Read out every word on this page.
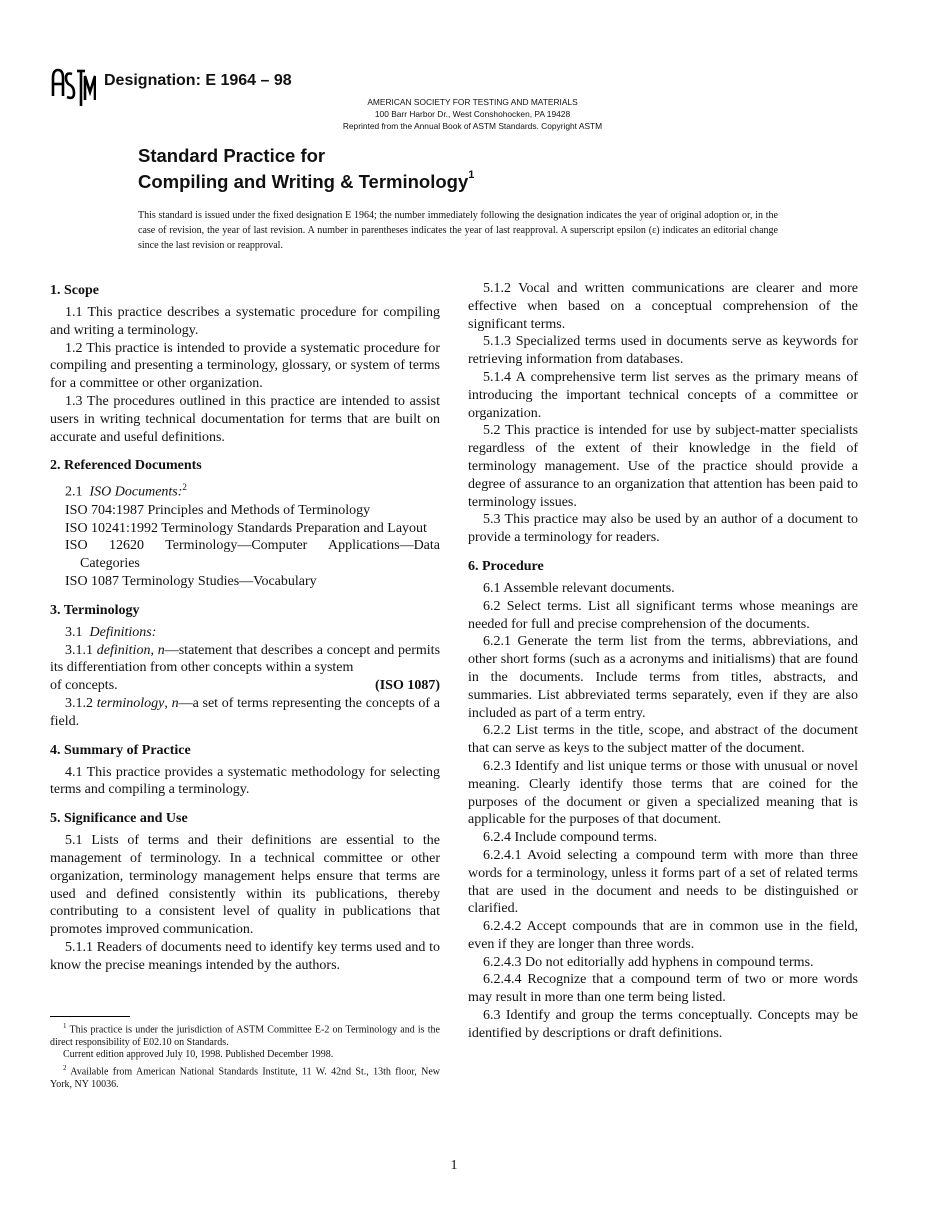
Designation: E 1964 – 98
AMERICAN SOCIETY FOR TESTING AND MATERIALS
100 Barr Harbor Dr., West Conshohocken, PA 19428
Reprinted from the Annual Book of ASTM Standards. Copyright ASTM
Standard Practice for
Compiling and Writing & Terminology$^1$
This standard is issued under the fixed designation E 1964; the number immediately following the designation indicates the year of original adoption or, in the case of revision, the year of last revision. A number in parentheses indicates the year of last reapproval. A superscript epsilon (ε) indicates an editorial change since the last revision or reapproval.
1. Scope

1.1 This practice describes a systematic procedure for compiling and writing a terminology.

1.2 This practice is intended to provide a systematic procedure for compiling and presenting a terminology, glossary, or system of terms for a committee or other organization.

1.3 The procedures outlined in this practice are intended to assist users in writing technical documentation for terms that are built on accurate and useful definitions.

2. Referenced Documents

2.1 ISO Documents:$^2$

ISO 704:1987 Principles and Methods of Terminology

ISO 10241:1992 Terminology Standards Preparation and Layout

ISO 12620 Terminology—Computer Applications—Data Categories

ISO 1087 Terminology Studies—Vocabulary

3. Terminology

3.1 Definitions:

3.1.1 definition, n—statement that describes a concept and permits its differentiation from other concepts within a system

of concepts.	(ISO 1087)

3.1.2 terminology, n—a set of terms representing the concepts of a field.

4. Summary of Practice

4.1 This practice provides a systematic methodology for selecting terms and compiling a terminology.

5. Significance and Use

5.1 Lists of terms and their definitions are essential to the management of terminology. In a technical committee or other organization, terminology management helps ensure that terms are used and defined consistently within its publications, thereby contributing to a consistent level of quality in publications that promotes improved communication.

5.1.1 Readers of documents need to identify key terms used and to know the precise meanings intended by the authors.

$^1$ This practice is under the jurisdiction of ASTM Committee E-2 on Terminology and is the direct responsibility of E02.10 on Standards.

Current edition approved July 10, 1998. Published December 1998.

$^2$ Available from American National Standards Institute, 11 W. 42nd St., 13th floor, New York, NY 10036.

5.1.2 Vocal and written communications are clearer and more effective when based on a conceptual comprehension of the significant terms.

5.1.3 Specialized terms used in documents serve as keywords for retrieving information from databases.

5.1.4 A comprehensive term list serves as the primary means of introducing the important technical concepts of a committee or organization.

5.2 This practice is intended for use by subject-matter specialists regardless of the extent of their knowledge in the field of terminology management. Use of the practice should provide a degree of assurance to an organization that attention has been paid to terminology issues.

5.3 This practice may also be used by an author of a document to provide a terminology for readers.

6. Procedure

6.1 Assemble relevant documents.

6.2 Select terms. List all significant terms whose meanings are needed for full and precise comprehension of the documents.

6.2.1 Generate the term list from the terms, abbreviations, and other short forms (such as a acronyms and initialisms) that are found in the documents. Include terms from titles, abstracts, and summaries. List abbreviated terms separately, even if they are also included as part of a term entry.

6.2.2 List terms in the title, scope, and abstract of the document that can serve as keys to the subject matter of the document.

6.2.3 Identify and list unique terms or those with unusual or novel meaning. Clearly identify those terms that are coined for the purposes of the document or given a specialized meaning that is applicable for the purposes of that document.

6.2.4 Include compound terms.

6.2.4.1 Avoid selecting a compound term with more than three words for a terminology, unless it forms part of a set of related terms that are used in the document and needs to be distinguished or clarified.

6.2.4.2 Accept compounds that are in common use in the field, even if they are longer than three words.

6.2.4.3 Do not editorially add hyphens in compound terms.

6.2.4.4 Recognize that a compound term of two or more words may result in more than one term being listed.

6.3 Identify and group the terms conceptually. Concepts may be identified by descriptions or draft definitions.

1
